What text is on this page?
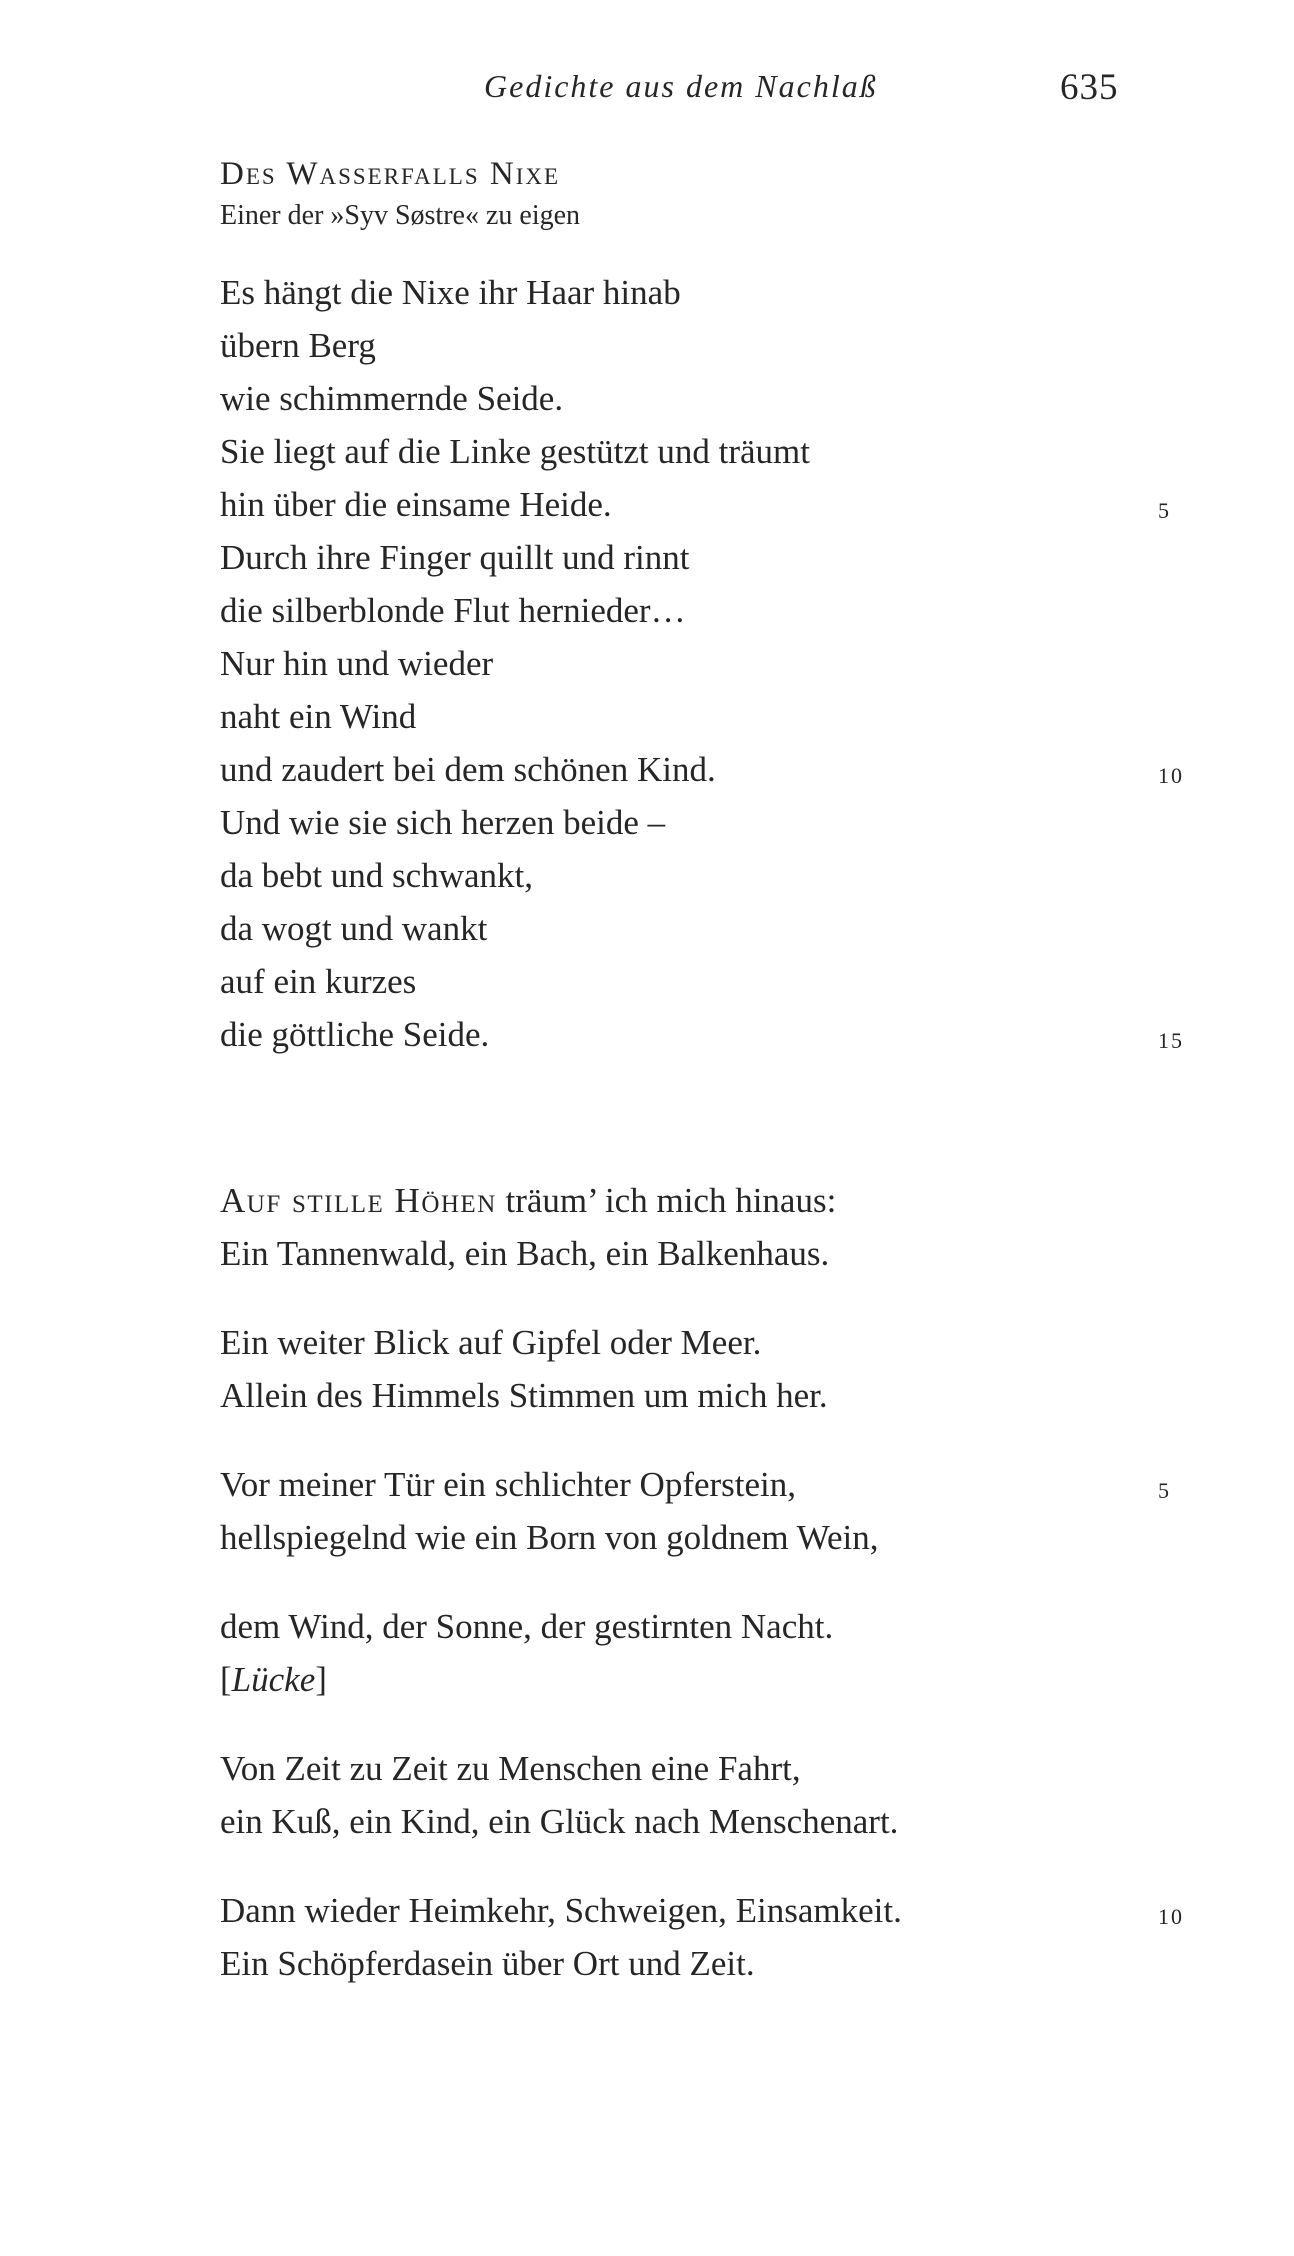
Gedichte aus dem Nachlaß	635
Des Wasserfalls Nixe
Einer der »Syv Søstre« zu eigen
Es hängt die Nixe ihr Haar hinab
übern Berg
wie schimmernde Seide.
Sie liegt auf die Linke gestützt und träumt
hin über die einsame Heide.	5
Durch ihre Finger quillt und rinnt
die silberblonde Flut hernieder…
Nur hin und wieder
naht ein Wind
und zaudert bei dem schönen Kind.	10
Und wie sie sich herzen beide –
da bebt und schwankt,
da wogt und wankt
auf ein kurzes
die göttliche Seide.	15
Auf stille Höhen träum’ ich mich hinaus:
Ein Tannenwald, ein Bach, ein Balkenhaus.
Ein weiter Blick auf Gipfel oder Meer.
Allein des Himmels Stimmen um mich her.
Vor meiner Tür ein schlichter Opferstein,	5
hellspiegelnd wie ein Born von goldnem Wein,
dem Wind, der Sonne, der gestirnten Nacht.
[Lücke]
Von Zeit zu Zeit zu Menschen eine Fahrt,
ein Kuß, ein Kind, ein Glück nach Menschenart.
Dann wieder Heimkehr, Schweigen, Einsamkeit.	10
Ein Schöpferdasein über Ort und Zeit.
